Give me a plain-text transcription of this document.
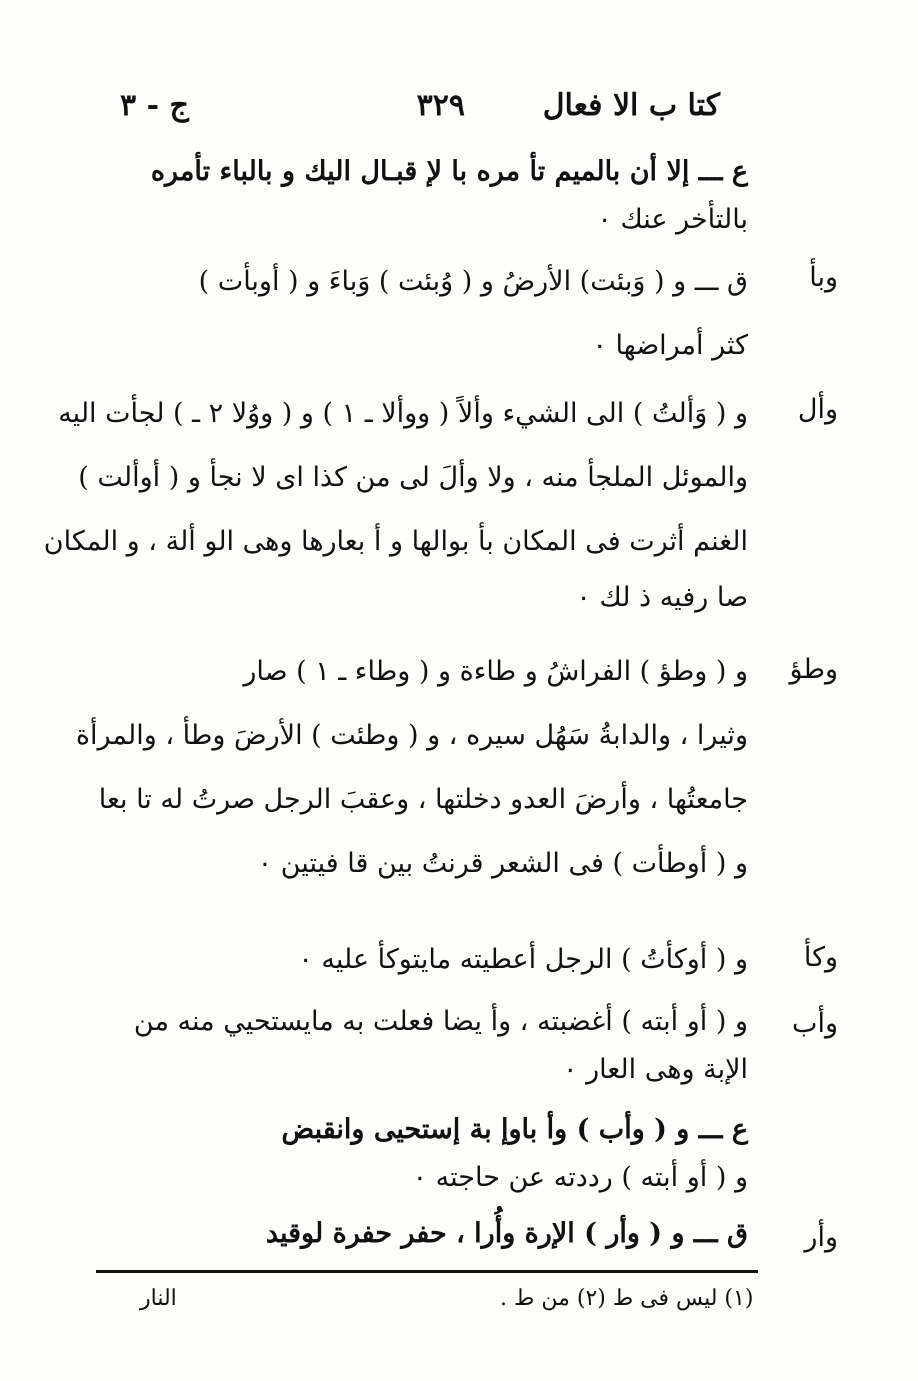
كتا ب الا فعال
٣٢٩
ج - ٣
ع ـــ إلا أن بالميم تأ مره با لإ قبـال اليك و بالباء تأمره
بالتأخر عنك ٠
وبأ
ق ـــ و ( وَبئت) الأرضُ و ( وُبئت ) وَباءَ و ( أوبأت )
كثر أمراضها ٠
وأل
و ( وَألتُ ) الى الشيء وألاً ( ووألا ـ ١ ) و ( ووُلا ٢ ـ ) لجأت اليه
والموئل الملجأ منه ، ولا وألَ لى من كذا اى لا نجأ و ( أوألت )
الغنم أثرت فى المكان بأ بوالها و أ بعارها وهى الو ألة ، و المكان
صا رفيه ذ لك ٠
وطؤ
و ( وطؤ ) الفراشُ و طاءة و ( وطاء ـ ١ ) صار
وثيرا ، والدابةُ سَهُل سيره ، و ( وطئت ) الأرضَ وطأ ، والمرأة
جامعتُها ، وأرضَ العدو دخلتها ، وعقبَ الرجل صرتُ له تا بعا
و ( أوطأت ) فى الشعر قرنتُ بين قا فيتين ٠
وكأ
و ( أوكأتُ ) الرجل أعطيته مايتوكأ عليه ٠
وأب
و ( أو أبته ) أغضبته ، وأ يضا فعلت به مايستحيي منه من
الإبة وهى العار ٠
ع ـــ و ( وأب ) وأ باوإ بة إستحيى وانقبض
و ( أو أبته ) رددته عن حاجته ٠
وأر
ق ـــ و ( وأر ) الإرة وأُرا ، حفر حفرة لوقيد
النار	(١) ليس فى ط (٢) من ط .
